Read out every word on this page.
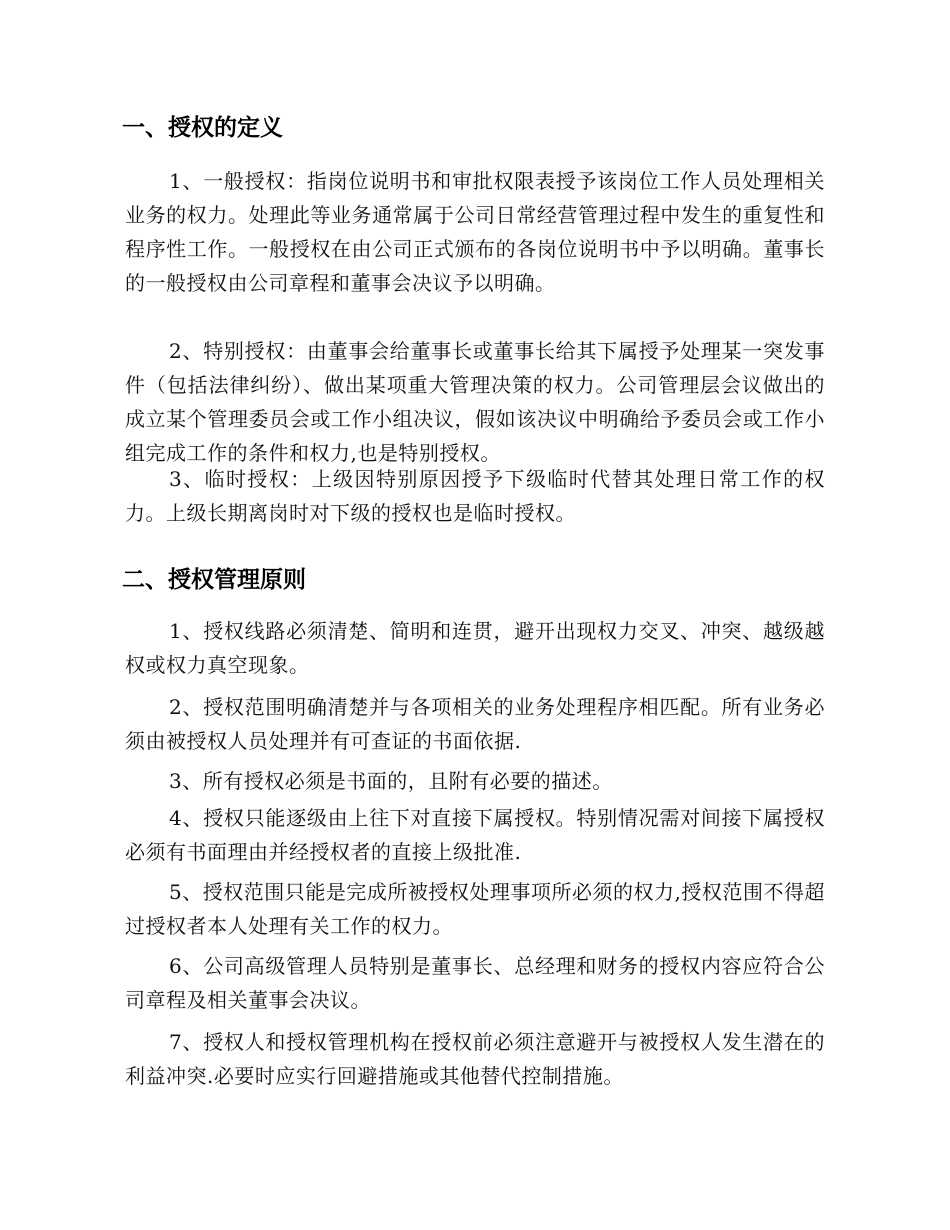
一、授权的定义

1、一般授权：指岗位说明书和审批权限表授予该岗位工作人员处理相关业务的权力。处理此等业务通常属于公司日常经营管理过程中发生的重复性和程序性工作。一般授权在由公司正式颁布的各岗位说明书中予以明确。董事长的一般授权由公司章程和董事会决议予以明确。

2、特别授权：由董事会给董事长或董事长给其下属授予处理某一突发事件（包括法律纠纷）、做出某项重大管理决策的权力。公司管理层会议做出的成立某个管理委员会或工作小组决议，假如该决议中明确给予委员会或工作小组完成工作的条件和权力,也是特别授权。

3、临时授权：上级因特别原因授予下级临时代替其处理日常工作的权力。上级长期离岗时对下级的授权也是临时授权。

二、授权管理原则

1、授权线路必须清楚、简明和连贯，避开出现权力交叉、冲突、越级越权或权力真空现象。

2、授权范围明确清楚并与各项相关的业务处理程序相匹配。所有业务必须由被授权人员处理并有可查证的书面依据.

3、所有授权必须是书面的，且附有必要的描述。

4、授权只能逐级由上往下对直接下属授权。特别情况需对间接下属授权必须有书面理由并经授权者的直接上级批准.

5、授权范围只能是完成所被授权处理事项所必须的权力,授权范围不得超过授权者本人处理有关工作的权力。

6、公司高级管理人员特别是董事长、总经理和财务的授权内容应符合公司章程及相关董事会决议。

7、授权人和授权管理机构在授权前必须注意避开与被授权人发生潜在的利益冲突.必要时应实行回避措施或其他替代控制措施。
